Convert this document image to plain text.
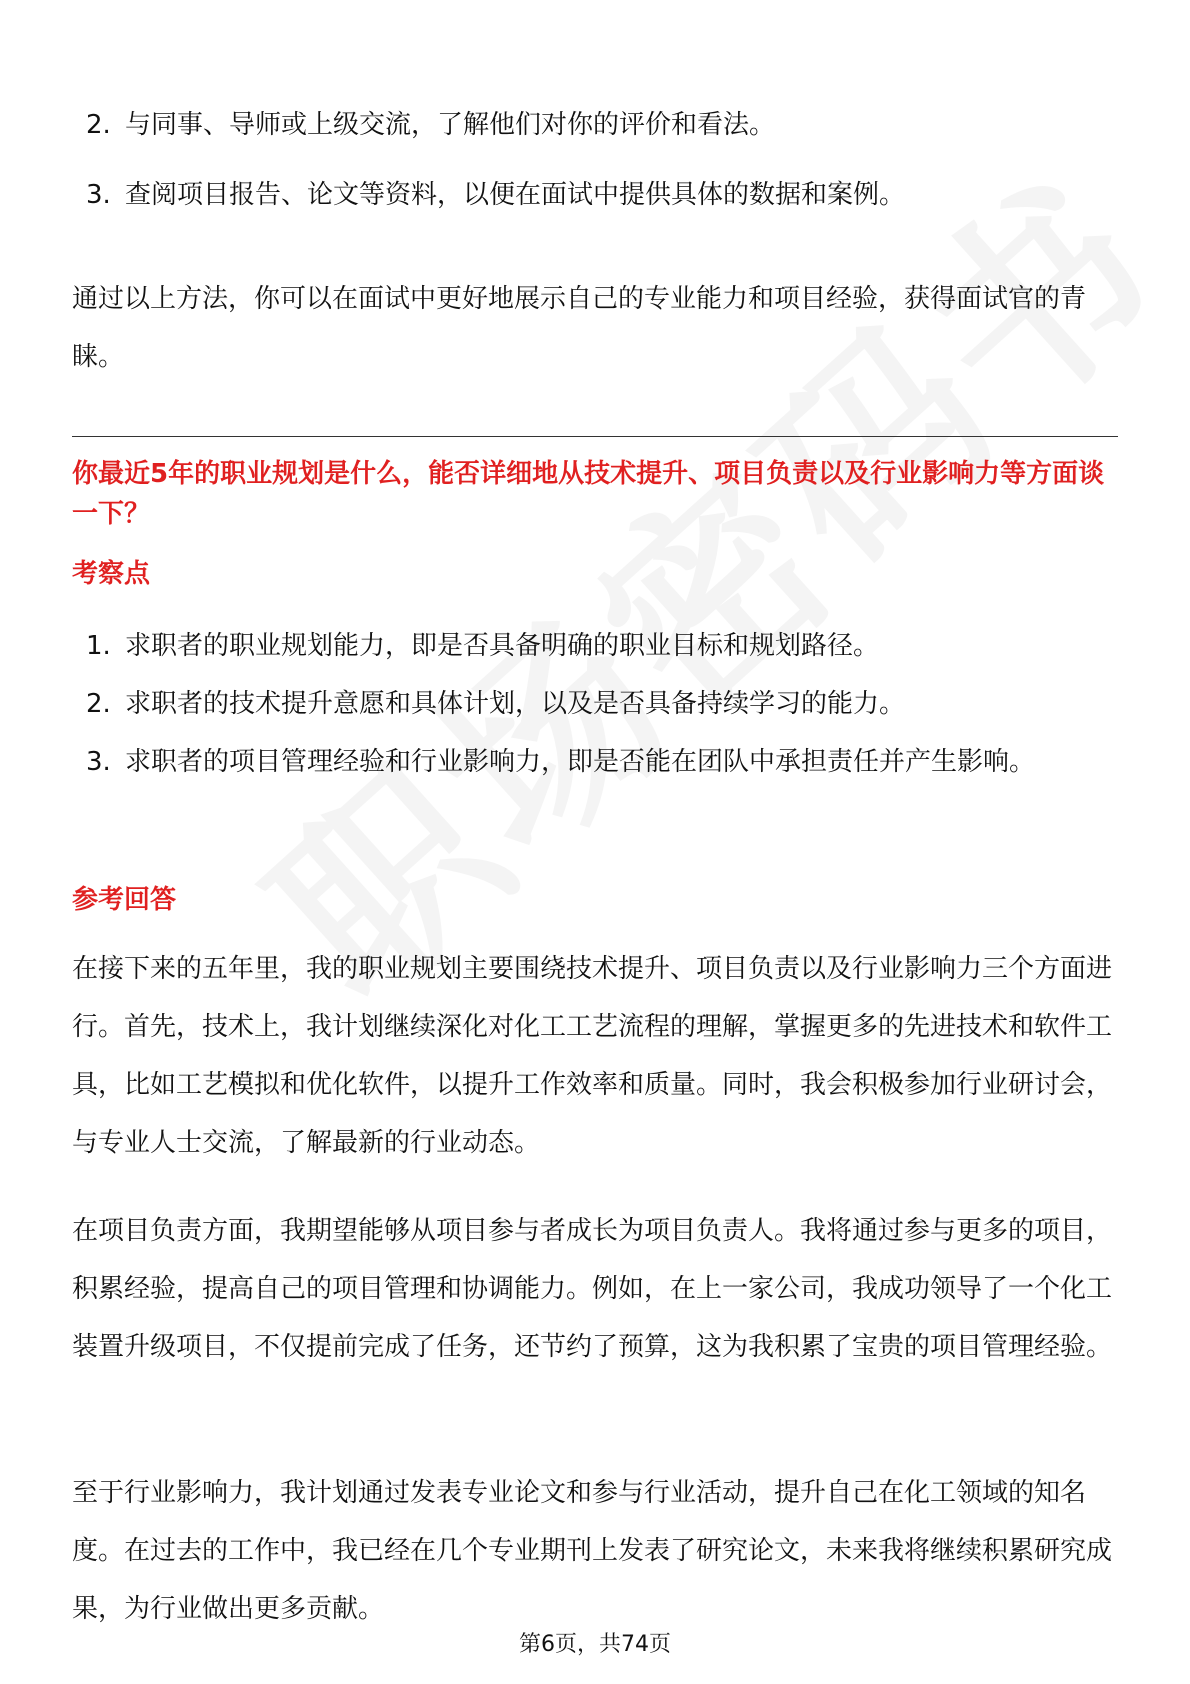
2. 与同事、导师或上级交流，了解他们对你的评价和看法。
3. 查阅项目报告、论文等资料，以便在面试中提供具体的数据和案例。
通过以上方法，你可以在面试中更好地展示自己的专业能力和项目经验，获得面试官的青睐。
你最近5年的职业规划是什么，能否详细地从技术提升、项目负责以及行业影响力等方面谈一下？
考察点
1. 求职者的职业规划能力，即是否具备明确的职业目标和规划路径。
2. 求职者的技术提升意愿和具体计划，以及是否具备持续学习的能力。
3. 求职者的项目管理经验和行业影响力，即是否能在团队中承担责任并产生影响。
参考回答
在接下来的五年里，我的职业规划主要围绕技术提升、项目负责以及行业影响力三个方面进行。首先，技术上，我计划继续深化对化工工艺流程的理解，掌握更多的先进技术和软件工具，比如工艺模拟和优化软件，以提升工作效率和质量。同时，我会积极参加行业研讨会，与专业人士交流，了解最新的行业动态。
在项目负责方面，我期望能够从项目参与者成长为项目负责人。我将通过参与更多的项目，积累经验，提高自己的项目管理和协调能力。例如，在上一家公司，我成功领导了一个化工装置升级项目，不仅提前完成了任务，还节约了预算，这为我积累了宝贵的项目管理经验。
至于行业影响力，我计划通过发表专业论文和参与行业活动，提升自己在化工领域的知名度。在过去的工作中，我已经在几个专业期刊上发表了研究论文，未来我将继续积累研究成果，为行业做出更多贡献。
第6页，共74页
